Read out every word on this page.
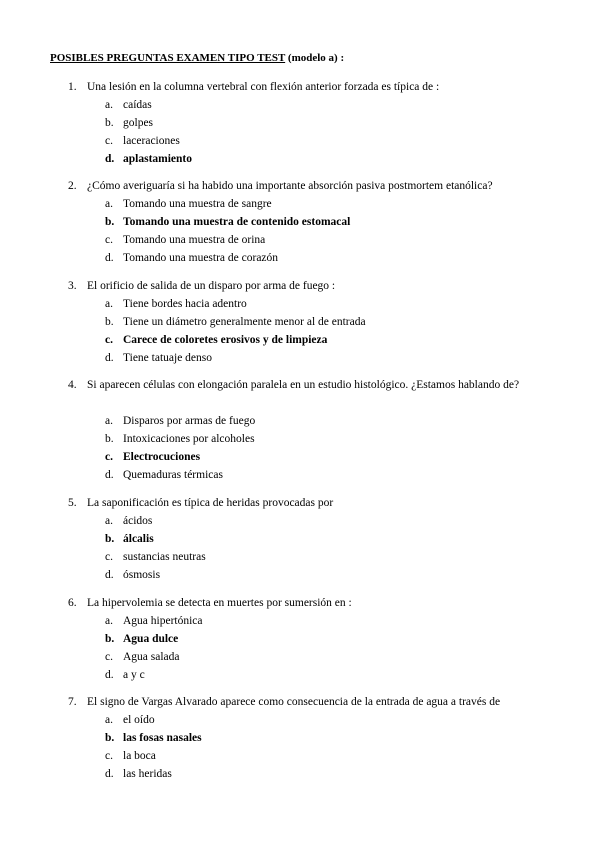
POSIBLES PREGUNTAS EXAMEN TIPO TEST (modelo a) :
1. Una lesión en la columna vertebral con flexión anterior forzada es típica de :
a. caídas
b. golpes
c. laceraciones
d. aplastamiento
2. ¿Cómo averiguaría si ha habido una importante absorción pasiva postmortem etanólica?
a. Tomando una muestra de sangre
b. Tomando una muestra de contenido estomacal
c. Tomando una muestra de orina
d. Tomando una muestra de corazón
3. El orificio de salida de un disparo por arma de fuego :
a. Tiene bordes hacia adentro
b. Tiene un diámetro generalmente menor al de entrada
c. Carece de coloretes erosivos y de limpieza
d. Tiene tatuaje denso
4. Si aparecen células con elongación paralela en un estudio histológico. ¿Estamos hablando de?
a. Disparos por armas de fuego
b. Intoxicaciones por alcoholes
c. Electrocuciones
d. Quemaduras térmicas
5. La saponificación es típica de heridas provocadas por
a. ácidos
b. álcalis
c. sustancias neutras
d. ósmosis
6. La hipervolemia se detecta en muertes por sumersión en :
a. Agua hipertónica
b. Agua dulce
c. Agua salada
d. a y c
7. El signo de Vargas Alvarado aparece como consecuencia de la entrada de agua a través de
a. el oído
b. las fosas nasales
c. la boca
d. las heridas
